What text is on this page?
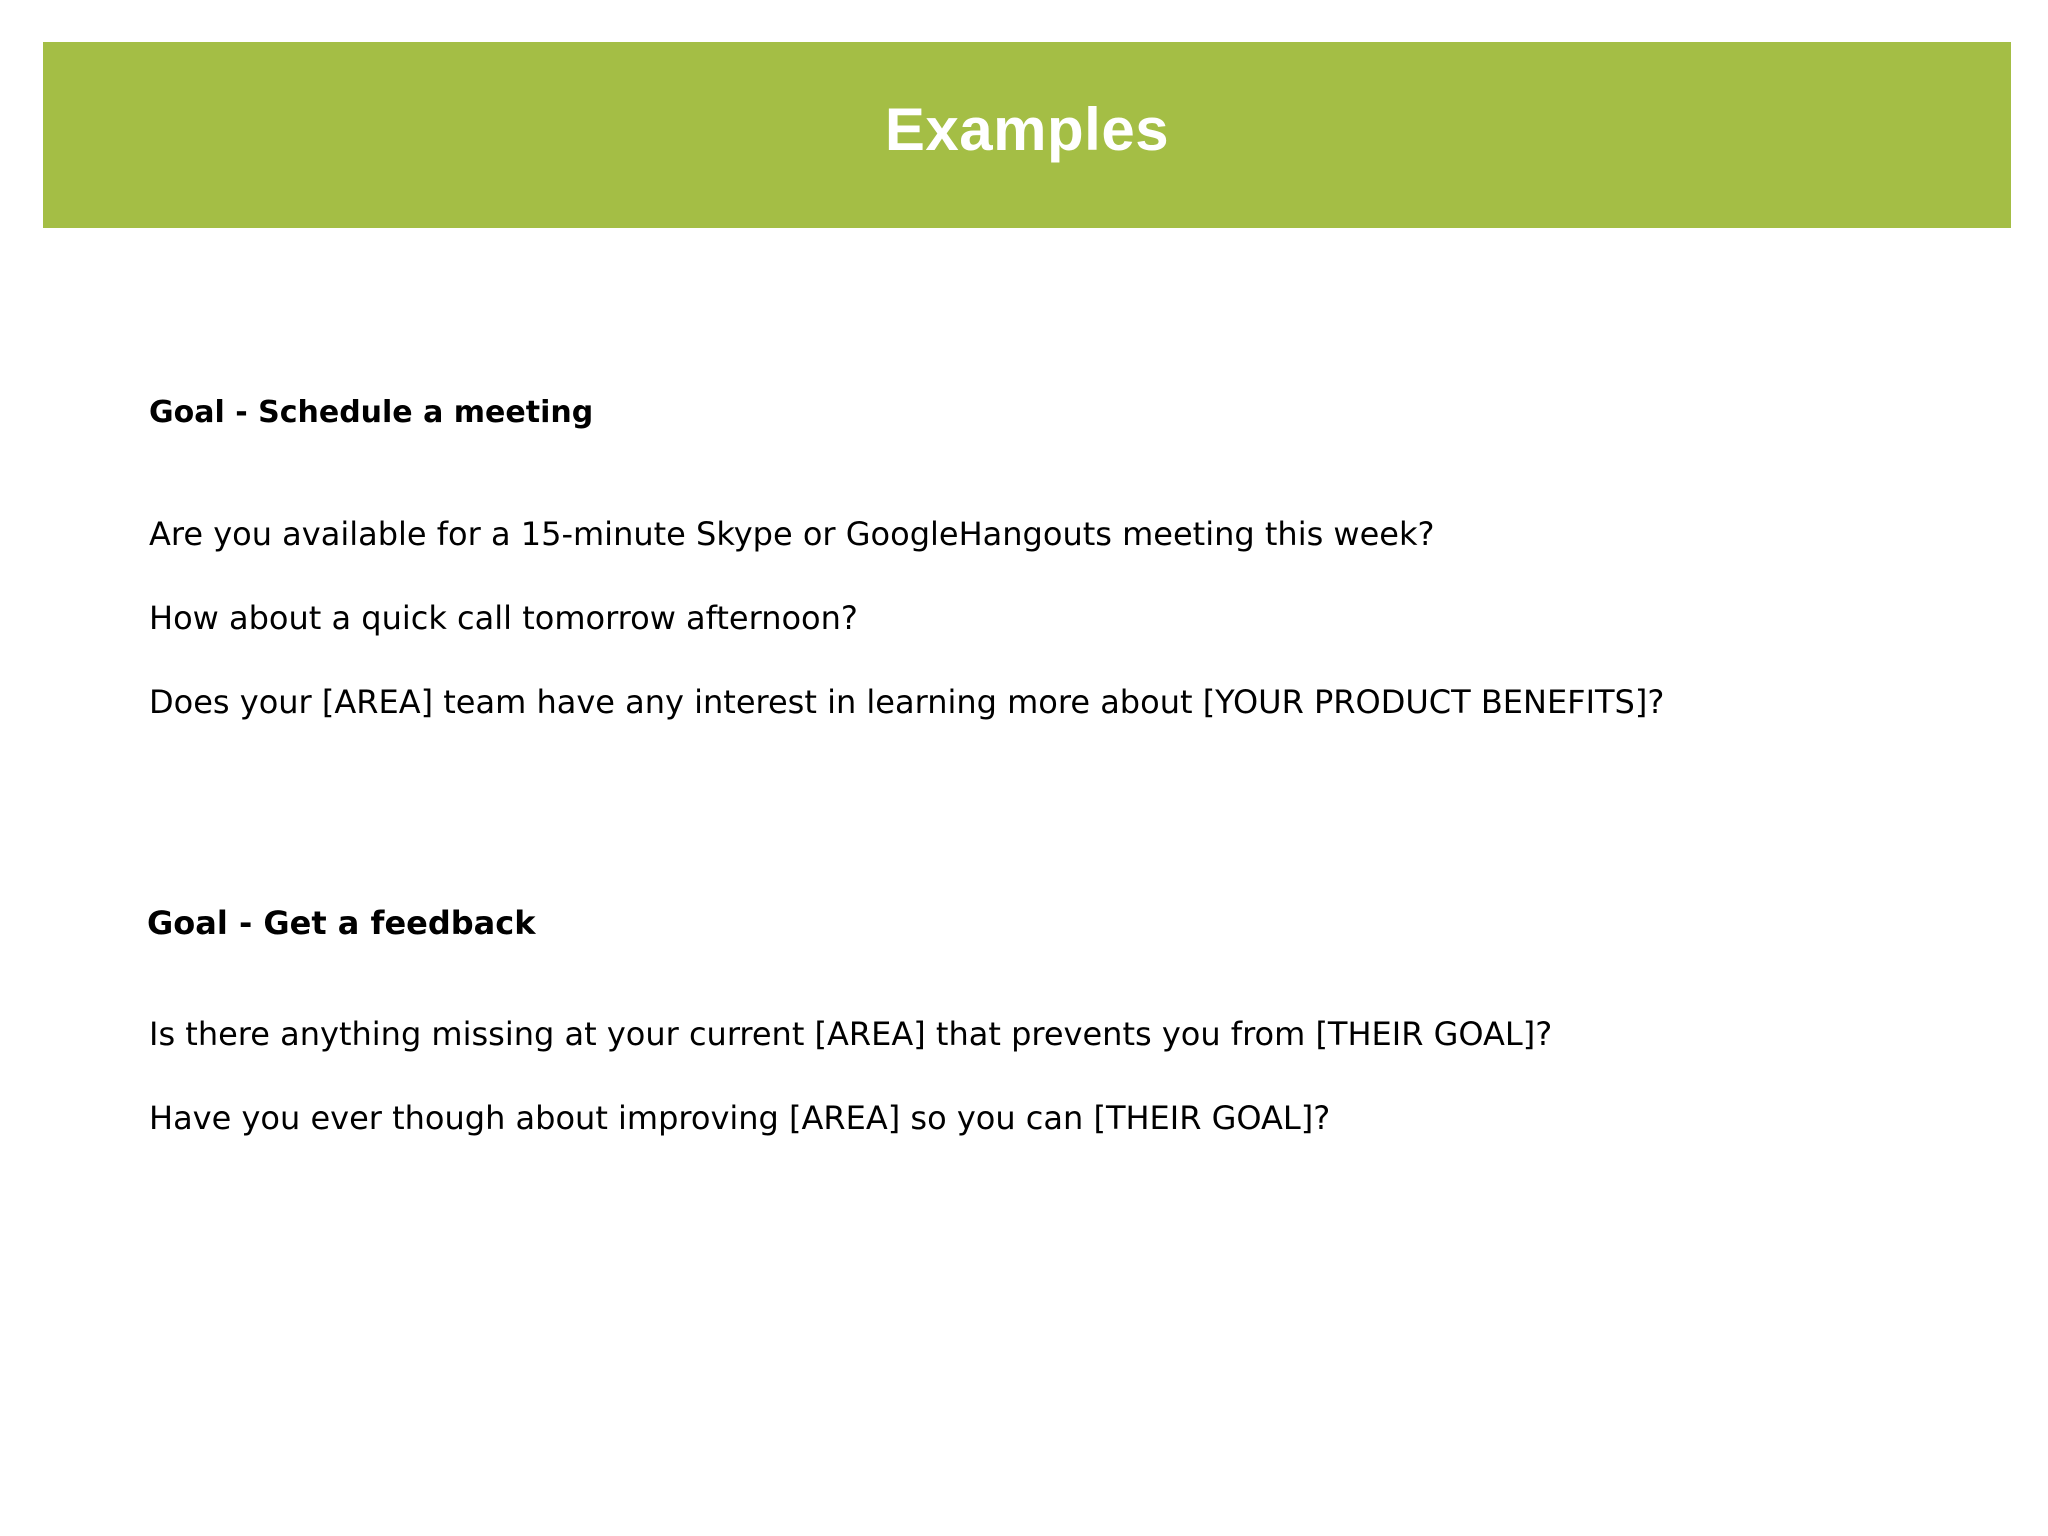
Examples

Goal - Schedule a meeting

Are you available for a 15-minute Skype or GoogleHangouts meeting this week?

How about a quick call tomorrow afternoon?

Does your [AREA] team have any interest in learning more about [YOUR PRODUCT BENEFITS]?

Goal - Get a feedback

Is there anything missing at your current [AREA] that prevents you from [THEIR GOAL]?

Have you ever though about improving [AREA] so you can [THEIR GOAL]?
